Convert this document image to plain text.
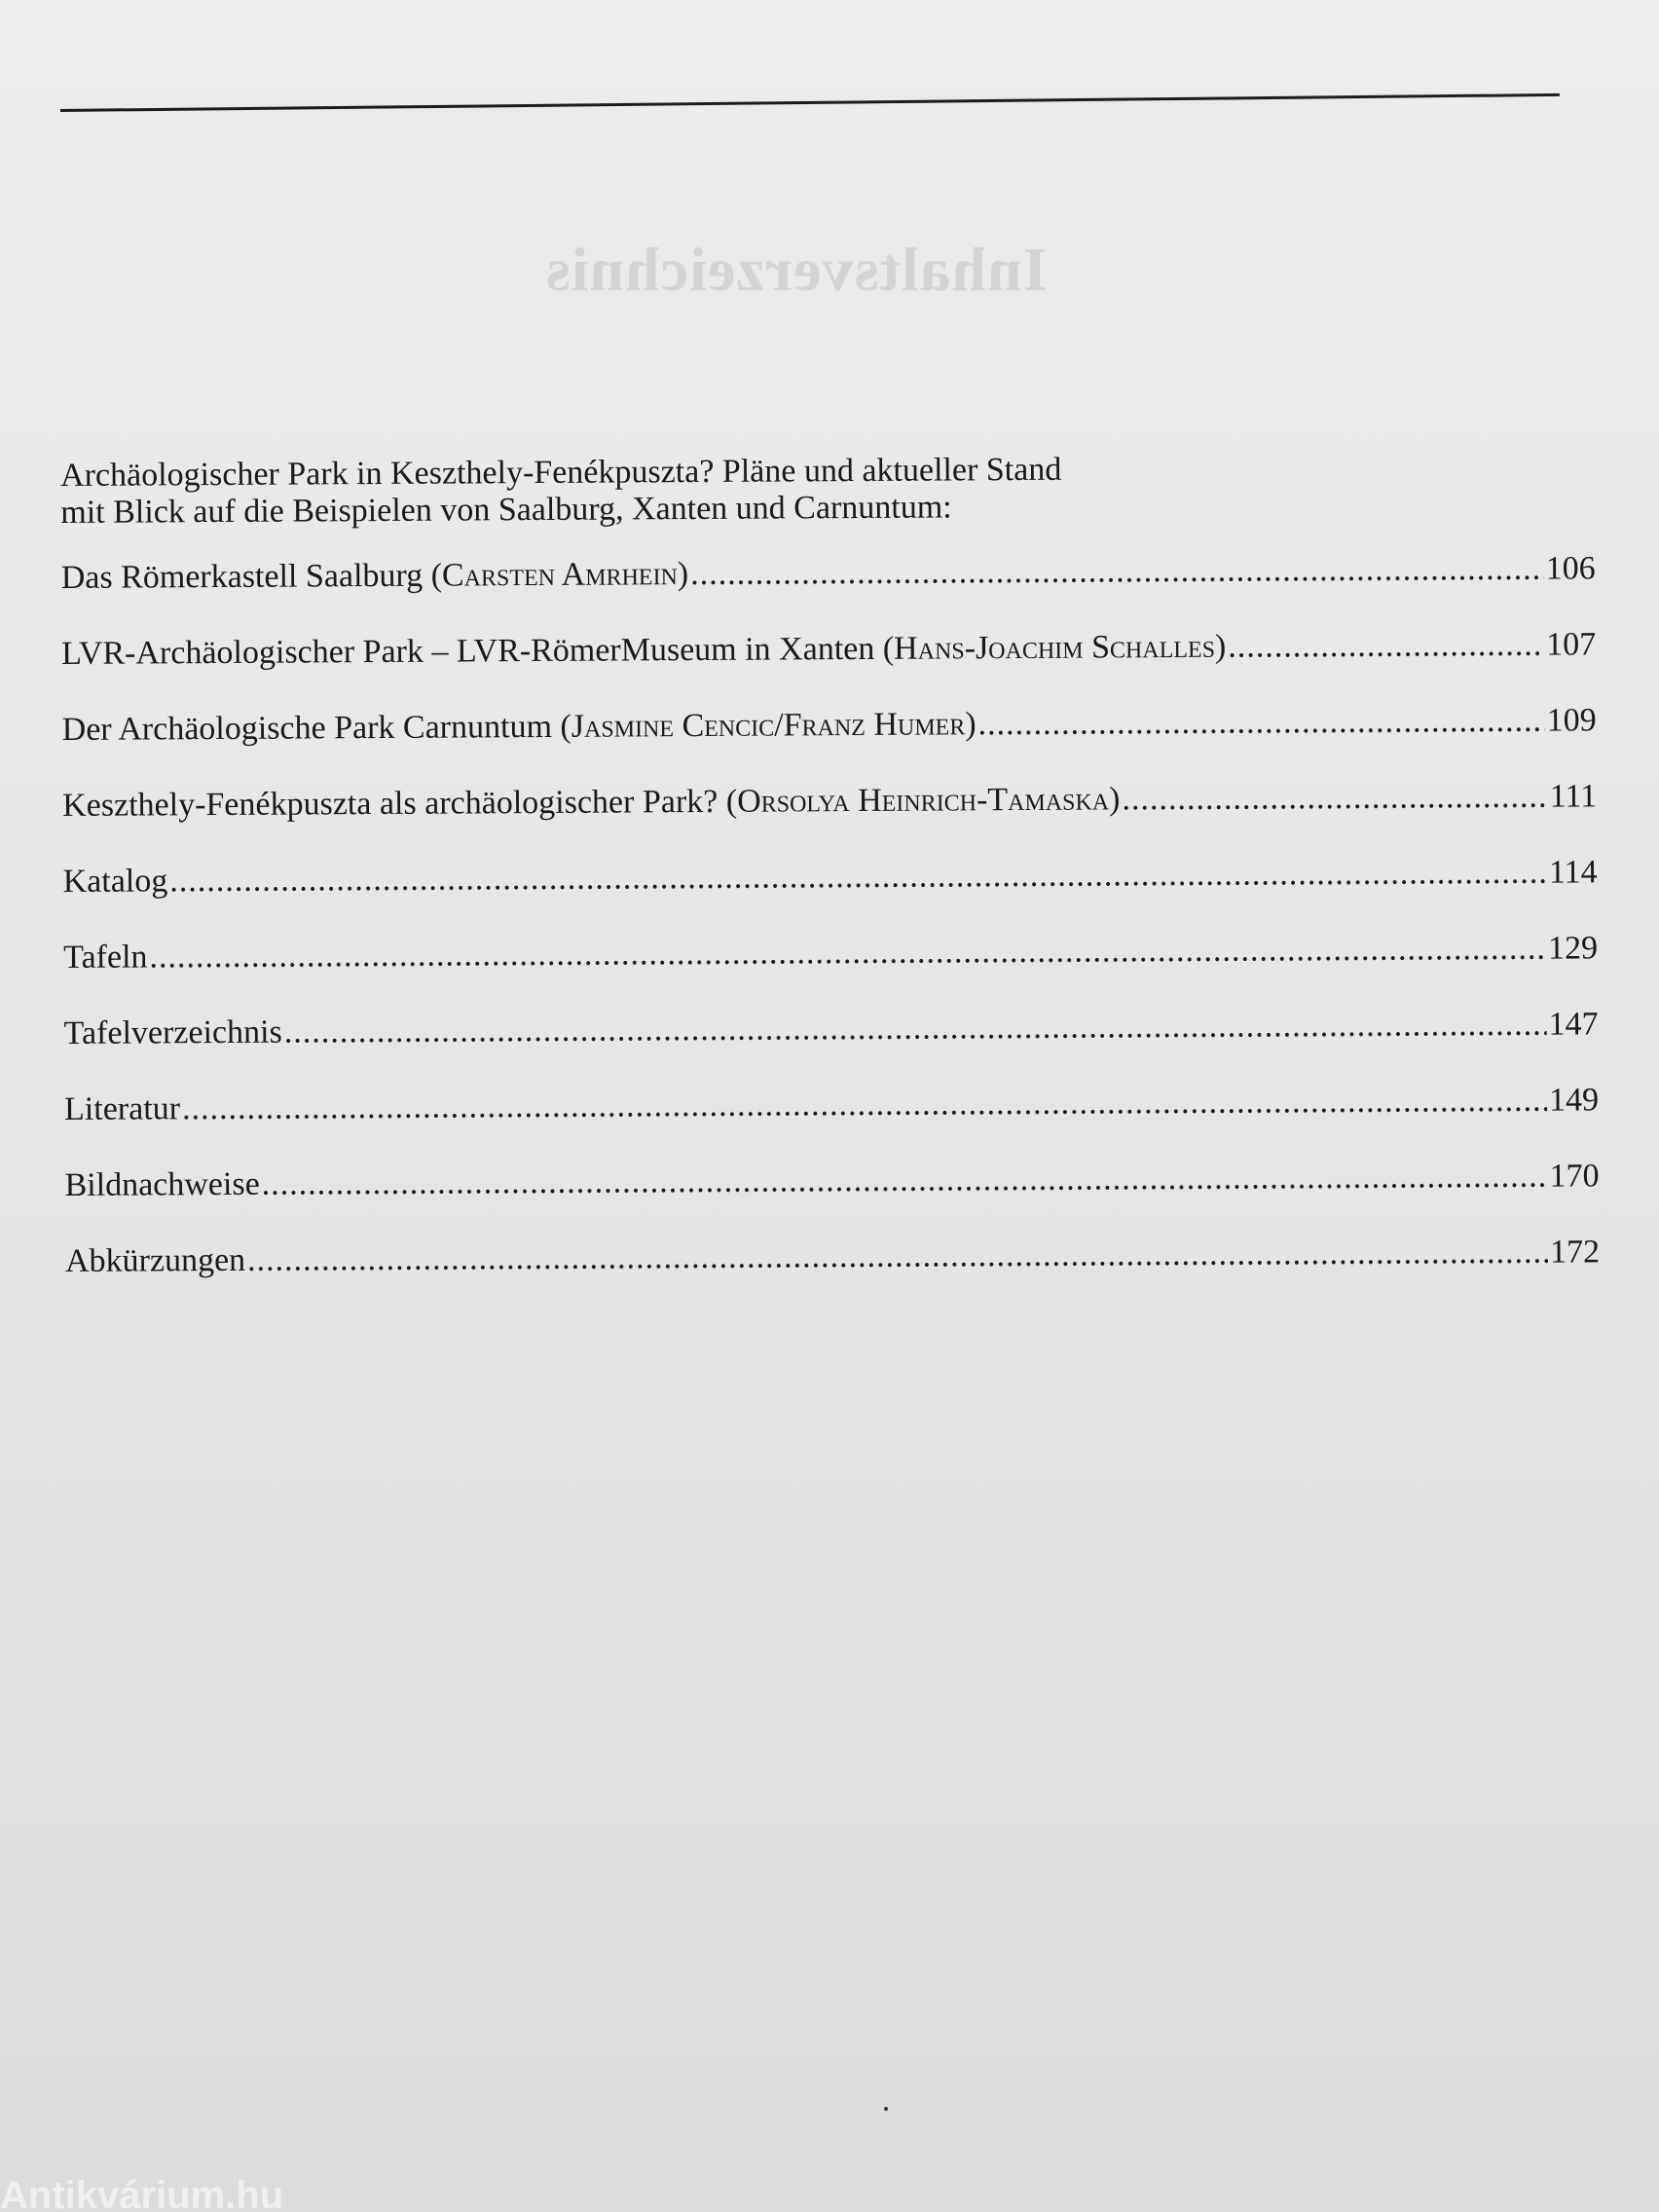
Inhaltsverzeichnis
Archäologischer Park in Keszthely-Fenékpuszta? Pläne und aktueller Stand
mit Blick auf die Beispielen von Saalburg, Xanten und Carnuntum:
Das Römerkastell Saalburg ( Carsten Amrhein ) .....	106
LVR-Archäologischer Park – LVR-RömerMuseum in Xanten ( Hans-Joachim Schalles ) .....	107
Der Archäologische Park Carnuntum ( Jasmine Cencic/Franz Humer ) .....	109
Keszthely-Fenékpuszta als archäologischer Park? ( Orsolya Heinrich-Tamaska ) .....	111
Katalog .....	114
Tafeln .....	129
Tafelverzeichnis .....	147
Literatur .....	149
Bildnachweise .....	170
Abkürzungen .....	172
Antikvárium.hu
